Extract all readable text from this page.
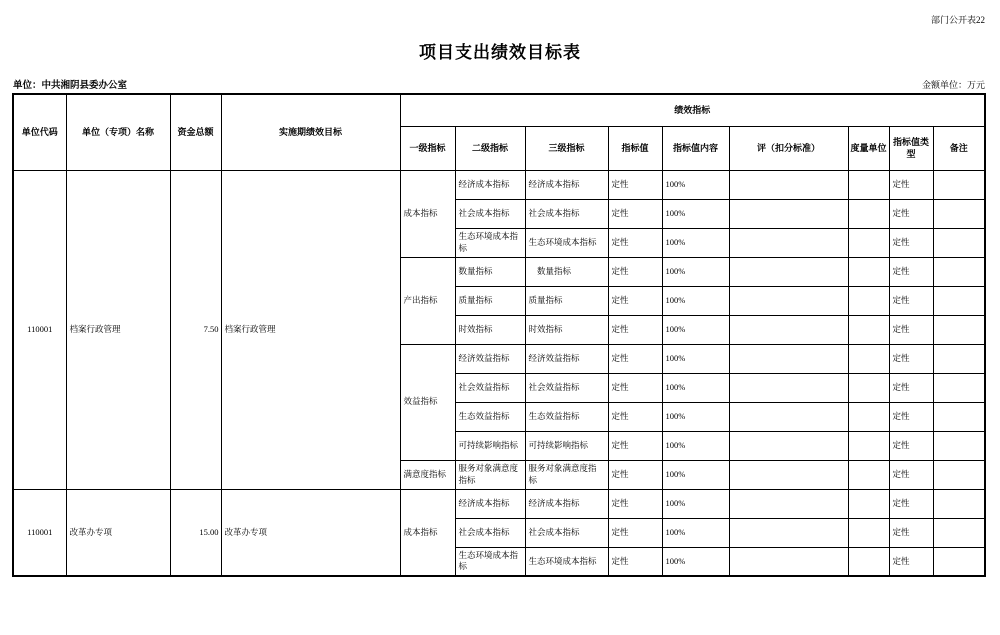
部门公开表22
项目支出绩效目标表
单位：中共湘阴县委办公室	金额单位：万元
单位代码	单位（专项）名称	资金总额	实施期绩效目标	绩效指标								
				一级指标	二级指标	三级指标	指标值	指标值内容	评（扣分标准）	度量单位	指标值类型	备注
110001	档案行政管理	7.50	档案行政管理	成本指标	经济成本指标	经济成本指标	定性	100%			定性	
					社会成本指标	社会成本指标	定性	100%			定性	
					生态环境成本指标	生态环境成本指标	定性	100%			定性	
				产出指标	数量指标	　数量指标	定性	100%			定性	
					质量指标	质量指标	定性	100%			定性	
					时效指标	时效指标	定性	100%			定性	
				效益指标	经济效益指标	经济效益指标	定性	100%			定性	
					社会效益指标	社会效益指标	定性	100%			定性	
					生态效益指标	生态效益指标	定性	100%			定性	
					可持续影响指标	可持续影响指标	定性	100%			定性	
				满意度指标	服务对象满意度指标	服务对象满意度指标	定性	100%			定性	
110001	改革办专项	15.00	改革办专项	成本指标	经济成本指标	经济成本指标	定性	100%			定性	
					社会成本指标	社会成本指标	定性	100%			定性	
					生态环境成本指标	生态环境成本指标	定性	100%			定性	
